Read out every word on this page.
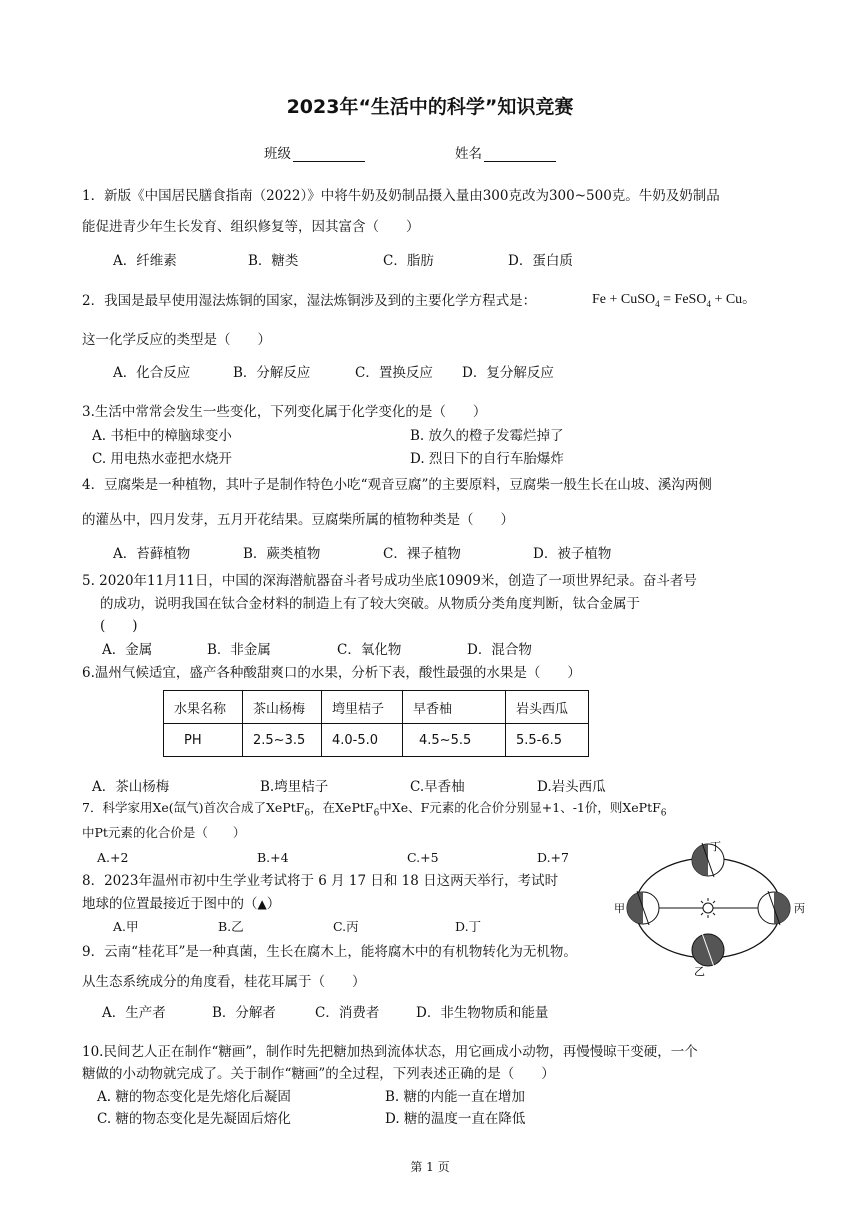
2023年“生活中的科学”知识竞赛
班级	姓名
1．新版《中国居民膳食指南（2022）》中将牛奶及奶制品摄入量由300克改为300~500克。牛奶及奶制品
能促进青少年生长发育、组织修复等，因其富含（　　）
A．纤维素	B．糖类	C．脂肪	D．蛋白质
2．我国是最早使用湿法炼铜的国家，湿法炼铜涉及到的主要化学方程式是：	Fe + CuSO$_4$ = FeSO$_4$ + Cu。
这一化学反应的类型是（　　）
A．化合反应	B．分解反应	C．置换反应 D．复分解反应
3.生活中常常会发生一些变化，下列变化属于化学变化的是（　　）
A. 书柜中的樟脑球变小	B. 放久的橙子发霉烂掉了
C. 用电热水壶把水烧开	D. 烈日下的自行车胎爆炸
4．豆腐柴是一种植物，其叶子是制作特色小吃“观音豆腐”的主要原料，豆腐柴一般生长在山坡、溪沟两侧
的灌丛中，四月发芽，五月开花结果。豆腐柴所属的植物种类是（　　）
A．苔藓植物	B．蕨类植物	C．裸子植物	D．被子植物
5. 2020年11月11日，中国的深海潜航器奋斗者号成功坐底10909米，创造了一项世界纪录。奋斗者号
的成功，说明我国在钛合金材料的制造上有了较大突破。从物质分类角度判断，钛合金属于
(　　)
A．金属	B．非金属	C．氧化物	D．混合物
6.温州气候适宜，盛产各种酸甜爽口的水果，分析下表，酸性最强的水果是（　　）
水果名称	茶山杨梅	塆里桔子	早香柚	岩头西瓜
PH	2.5~3.5	4.0-5.0	4.5~5.5	5.5-6.5
A．茶山杨梅	B.塆里桔子	C.早香柚	D.岩头西瓜
7．科学家用Xe(氙气)首次合成了XePtF$_6$，在XePtF$_6$中Xe、F元素的化合价分别显+1、-1价，则XePtF$_6$
中Pt元素的化合价是（　　）
A.+2	B.+4	C.+5	D.+7
8．2023年温州市初中生学业考试将于 6 月 17 日和 18 日这两天举行，考试时
地球的位置最接近于图中的（▲）
A.甲	B.乙	C.丙	D.丁
丁
甲	丙
乙
9．云南“桂花耳”是一种真菌，生长在腐木上，能将腐木中的有机物转化为无机物。
从生态系统成分的角度看，桂花耳属于（　　）
A．生产者	B．分解者	C．消费者	D．非生物物质和能量
10.民间艺人正在制作“糖画”，制作时先把糖加热到流体状态，用它画成小动物，再慢慢晾干变硬，一个
糖做的小动物就完成了。关于制作“糖画”的全过程，下列表述正确的是（　　）
A. 糖的物态变化是先熔化后凝固	B. 糖的内能一直在增加
C. 糖的物态变化是先凝固后熔化	D. 糖的温度一直在降低
第 1 页
